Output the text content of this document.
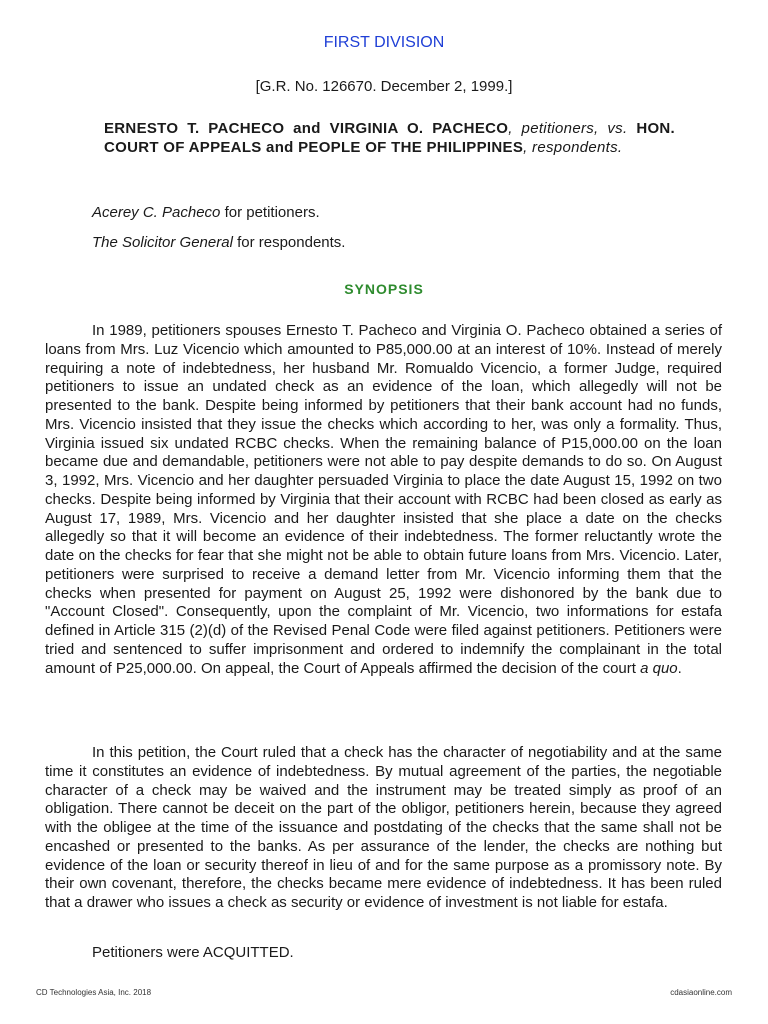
FIRST DIVISION
[G.R. No. 126670. December 2, 1999.]
ERNESTO T. PACHECO and VIRGINIA O. PACHECO, petitioners, vs. HON. COURT OF APPEALS and PEOPLE OF THE PHILIPPINES, respondents.
Acerey C. Pacheco for petitioners.
The Solicitor General for respondents.
SYNOPSIS
In 1989, petitioners spouses Ernesto T. Pacheco and Virginia O. Pacheco obtained a series of loans from Mrs. Luz Vicencio which amounted to P85,000.00 at an interest of 10%. Instead of merely requiring a note of indebtedness, her husband Mr. Romualdo Vicencio, a former Judge, required petitioners to issue an undated check as an evidence of the loan, which allegedly will not be presented to the bank. Despite being informed by petitioners that their bank account had no funds, Mrs. Vicencio insisted that they issue the checks which according to her, was only a formality. Thus, Virginia issued six undated RCBC checks. When the remaining balance of P15,000.00 on the loan became due and demandable, petitioners were not able to pay despite demands to do so. On August 3, 1992, Mrs. Vicencio and her daughter persuaded Virginia to place the date August 15, 1992 on two checks. Despite being informed by Virginia that their account with RCBC had been closed as early as August 17, 1989, Mrs. Vicencio and her daughter insisted that she place a date on the checks allegedly so that it will become an evidence of their indebtedness. The former reluctantly wrote the date on the checks for fear that she might not be able to obtain future loans from Mrs. Vicencio. Later, petitioners were surprised to receive a demand letter from Mr. Vicencio informing them that the checks when presented for payment on August 25, 1992 were dishonored by the bank due to "Account Closed". Consequently, upon the complaint of Mr. Vicencio, two informations for estafa defined in Article 315 (2)(d) of the Revised Penal Code were filed against petitioners. Petitioners were tried and sentenced to suffer imprisonment and ordered to indemnify the complainant in the total amount of P25,000.00. On appeal, the Court of Appeals affirmed the decision of the court a quo.
In this petition, the Court ruled that a check has the character of negotiability and at the same time it constitutes an evidence of indebtedness. By mutual agreement of the parties, the negotiable character of a check may be waived and the instrument may be treated simply as proof of an obligation. There cannot be deceit on the part of the obligor, petitioners herein, because they agreed with the obligee at the time of the issuance and postdating of the checks that the same shall not be encashed or presented to the banks. As per assurance of the lender, the checks are nothing but evidence of the loan or security thereof in lieu of and for the same purpose as a promissory note. By their own covenant, therefore, the checks became mere evidence of indebtedness. It has been ruled that a drawer who issues a check as security or evidence of investment is not liable for estafa.
Petitioners were ACQUITTED.
CD Technologies Asia, Inc. 2018	cdasiaonline.com
